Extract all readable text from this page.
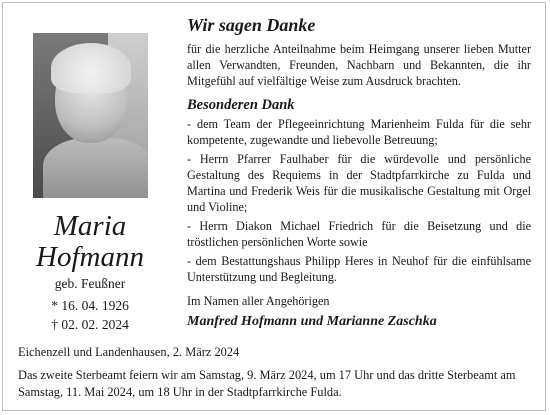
Maria
Hofmann
geb. Feußner
* 16. 04. 1926
† 02. 02. 2024
Wir sagen Danke

für die herzliche Anteilnahme beim Heimgang unserer lieben Mutter allen Verwandten, Freunden, Nachbarn und Bekannten, die ihr Mitgefühl auf vielfältige Weise zum Ausdruck brachten.

Besonderen Dank

- dem Team der Pflegeeinrichtung Marienheim Fulda für die sehr kompetente, zugewandte und liebevolle Betreuung;

- Herrn Pfarrer Faulhaber für die würdevolle und persönliche Gestaltung des Requiems in der Stadtpfarrkirche zu Fulda und Martina und Frederik Weis für die musikalische Gestaltung mit Orgel und Violine;

- Herrn Diakon Michael Friedrich für die Beisetzung und die tröstlichen persönlichen Worte sowie

- dem Bestattungshaus Philipp Heres in Neuhof für die einfühlsame Unterstützung und Begleitung.

Im Namen aller Angehörigen
Manfred Hofmann und Marianne Zaschka
Eichenzell und Landenhausen, 2. März 2024
Das zweite Sterbeamt feiern wir am Samstag, 9. März 2024, um 17 Uhr und das dritte Sterbeamt am Samstag, 11. Mai 2024, um 18 Uhr in der Stadtpfarrkirche Fulda.
